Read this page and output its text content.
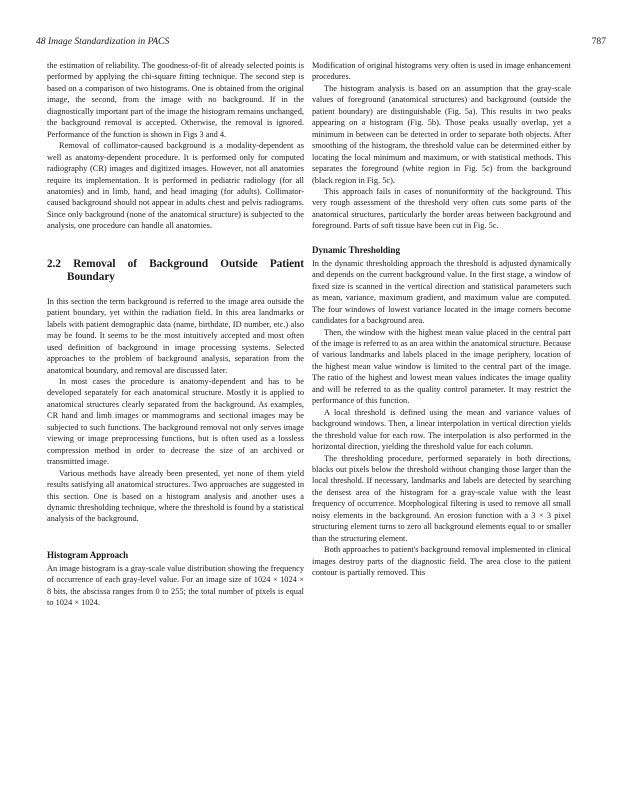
48 Image Standardization in PACS	787

the estimation of reliability. The goodness-of-fit of already selected points is performed by applying the chi-square fitting technique. The second step is based on a comparison of two histograms. One is obtained from the original image, the second, from the image with no background. If in the diagnostically important part of the image the histogram remains unchanged, the background removal is accepted. Otherwise, the removal is ignored. Performance of the function is shown in Figs 3 and 4.

Removal of collimator-caused background is a modality-dependent as well as anatomy-dependent procedure. It is performed only for computed radiography (CR) images and digitized images. However, not all anatomies require its implementation. It is performed in pediatric radiology (for all anatomies) and in limb, hand, and head imaging (for adults). Collimator-caused background should not appear in adults chest and pelvis radiograms. Since only background (none of the anatomical structure) is subjected to the analysis, one procedure can handle all anatomies.

2.2 Removal of Background Outside Patient Boundary

In this section the term background is referred to the image area outside the patient boundary, yet within the radiation field. In this area landmarks or labels with patient demographic data (name, birthdate, ID number, etc.) also may be found. It seems to be the most intuitively accepted and most often used definition of background in image processing systems. Selected approaches to the problem of background analysis, separation from the anatomical boundary, and removal are discussed later.

In most cases the procedure is anatomy-dependent and has to be developed separately for each anatomical structure. Mostly it is applied to anatomical structures clearly separated from the background. As examples, CR hand and limb images or mammograms and sectional images may be subjected to such functions. The background removal not only serves image viewing or image preprocessing functions, but is often used as a lossless compression method in order to decrease the size of an archived or transmitted image.

Various methods have already been presented, yet none of them yield results satisfying all anatomical structures. Two approaches are suggested in this section. One is based on a histogram analysis and another uses a dynamic thresholding technique, where the threshold is found by a statistical analysis of the background.

Histogram Approach

An image histogram is a gray-scale value distribution showing the frequency of occurrence of each gray-level value. For an image size of 1024 × 1024 × 8 bits, the abscissa ranges from 0 to 255; the total number of pixels is equal to 1024 × 1024.

Modification of original histograms very often is used in image enhancement procedures.

The histogram analysis is based on an assumption that the gray-scale values of foreground (anatomical structures) and background (outside the patient boundary) are distinguishable (Fig. 5a). This results in two peaks appearing on a histogram (Fig. 5b). Those peaks usually overlap, yet a minimum in between can be detected in order to separate both objects. After smoothing of the histogram, the threshold value can be determined either by locating the local minimum and maximum, or with statistical methods. This separates the foreground (white region in Fig. 5c) from the background (black region in Fig. 5c).

This approach fails in cases of nonuniformity of the background. This very rough assessment of the threshold very often cuts some parts of the anatomical structures, particularly the border areas between background and foreground. Parts of soft tissue have been cut in Fig. 5c.

Dynamic Thresholding

In the dynamic thresholding approach the threshold is adjusted dynamically and depends on the current background value. In the first stage, a window of fixed size is scanned in the vertical direction and statistical parameters such as mean, variance, maximum gradient, and maximum value are computed. The four windows of lowest variance located in the image corners become candidates for a background area.

Then, the window with the highest mean value placed in the central part of the image is referred to as an area within the anatomical structure. Because of various landmarks and labels placed in the image periphery, location of the highest mean value window is limited to the central part of the image. The ratio of the highest and lowest mean values indicates the image quality and will be referred to as the quality control parameter. It may restrict the performance of this function.

A local threshold is defined using the mean and variance values of background windows. Then, a linear interpolation in vertical direction yields the threshold value for each row. The interpolation is also performed in the horizontal direction, yielding the threshold value for each column.

The thresholding procedure, performed separately in both directions, blacks out pixels below the threshold without changing those larger than the local threshold. If necessary, landmarks and labels are detected by searching the densest area of the histogram for a gray-scale value with the least frequency of occurrence. Morphological filtering is used to remove all small noisy elements in the background. An erosion function with a 3 × 3 pixel structuring element turns to zero all background elements equal to or smaller than the structuring element.

Both approaches to patient's background removal implemented in clinical images destroy parts of the diagnostic field. The area close to the patient contour is partially removed. This
